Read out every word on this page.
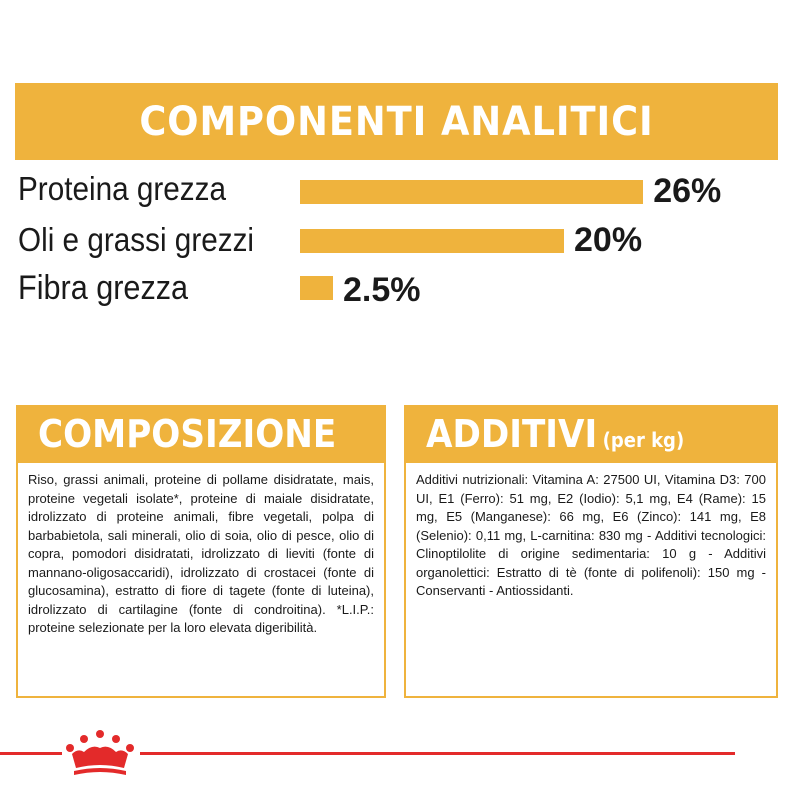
COMPONENTI ANALITICI
Proteina grezza	26%
Oli e grassi grezzi	20%
Fibra grezza	2.5%
COMPOSIZIONE

Riso, grassi animali, proteine di pollame disidratate, mais, proteine vegetali isolate*, proteine di maiale disidratate, idrolizzato di proteine animali, fibre vegetali, polpa di barbabietola, sali minerali, olio di soia, olio di pesce, olio di copra, pomodori disidratati, idrolizzato di lieviti (fonte di mannano-oligosaccaridi), idrolizzato di crostacei (fonte di glucosamina), estratto di fiore di tagete (fonte di luteina), idrolizzato di cartilagine (fonte di condroitina). *L.I.P.: proteine selezionate per la loro elevata digeribilità.

ADDITIVI (per kg)

Additivi nutrizionali: Vitamina A: 27500 UI, Vitamina D3: 700 UI, E1 (Ferro): 51 mg, E2 (Iodio): 5,1 mg, E4 (Rame): 15 mg, E5 (Manganese): 66 mg, E6 (Zinco): 141 mg, E8 (Selenio): 0,11 mg, L-carnitina: 830 mg - Additivi tecnologici: Clinoptilolite di origine sedimentaria: 10 g - Additivi organolettici: Estratto di tè (fonte di polifenoli): 150 mg - Conservanti - Antiossidanti.
